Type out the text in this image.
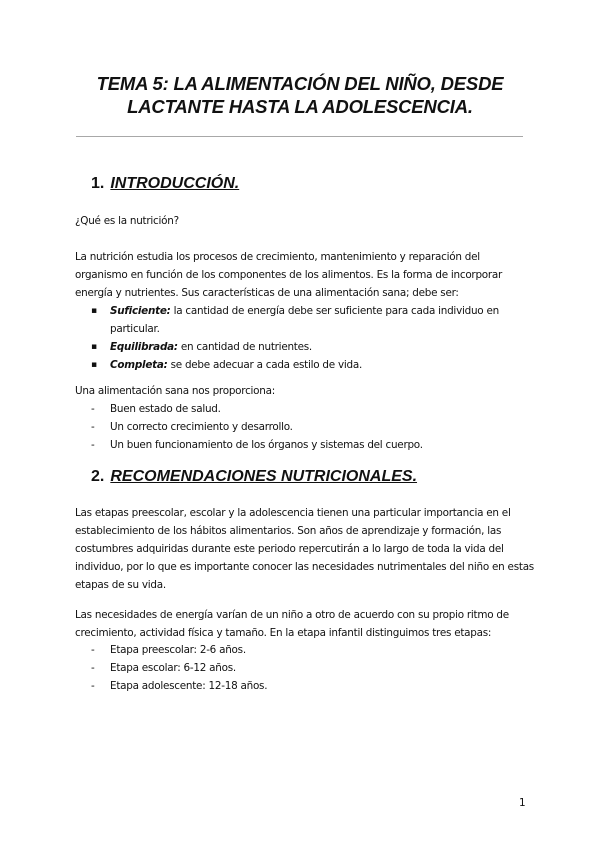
TEMA 5: LA ALIMENTACIÓN DEL NIÑO, DESDE
LACTANTE HASTA LA ADOLESCENCIA.
1. INTRODUCCIÓN.

¿Qué es la nutrición?

La nutrición estudia los procesos de crecimiento, mantenimiento y reparación del organismo en función de los componentes de los alimentos. Es la forma de incorporar energía y nutrientes. Sus características de una alimentación sana; debe ser:

▪ Suficiente: la cantidad de energía debe ser suficiente para cada individuo en particular.
▪ Equilibrada: en cantidad de nutrientes.
▪ Completa: se debe adecuar a cada estilo de vida.

Una alimentación sana nos proporciona:

- Buen estado de salud.
- Un correcto crecimiento y desarrollo.
- Un buen funcionamiento de los órganos y sistemas del cuerpo.
2. RECOMENDACIONES NUTRICIONALES.

Las etapas preescolar, escolar y la adolescencia tienen una particular importancia en el establecimiento de los hábitos alimentarios. Son años de aprendizaje y formación, las costumbres adquiridas durante este periodo repercutirán a lo largo de toda la vida del individuo, por lo que es importante conocer las necesidades nutrimentales del niño en estas etapas de su vida.

Las necesidades de energía varían de un niño a otro de acuerdo con su propio ritmo de crecimiento, actividad física y tamaño. En la etapa infantil distinguimos tres etapas:

- Etapa preescolar: 2-6 años.
- Etapa escolar: 6-12 años.
- Etapa adolescente: 12-18 años.
1
